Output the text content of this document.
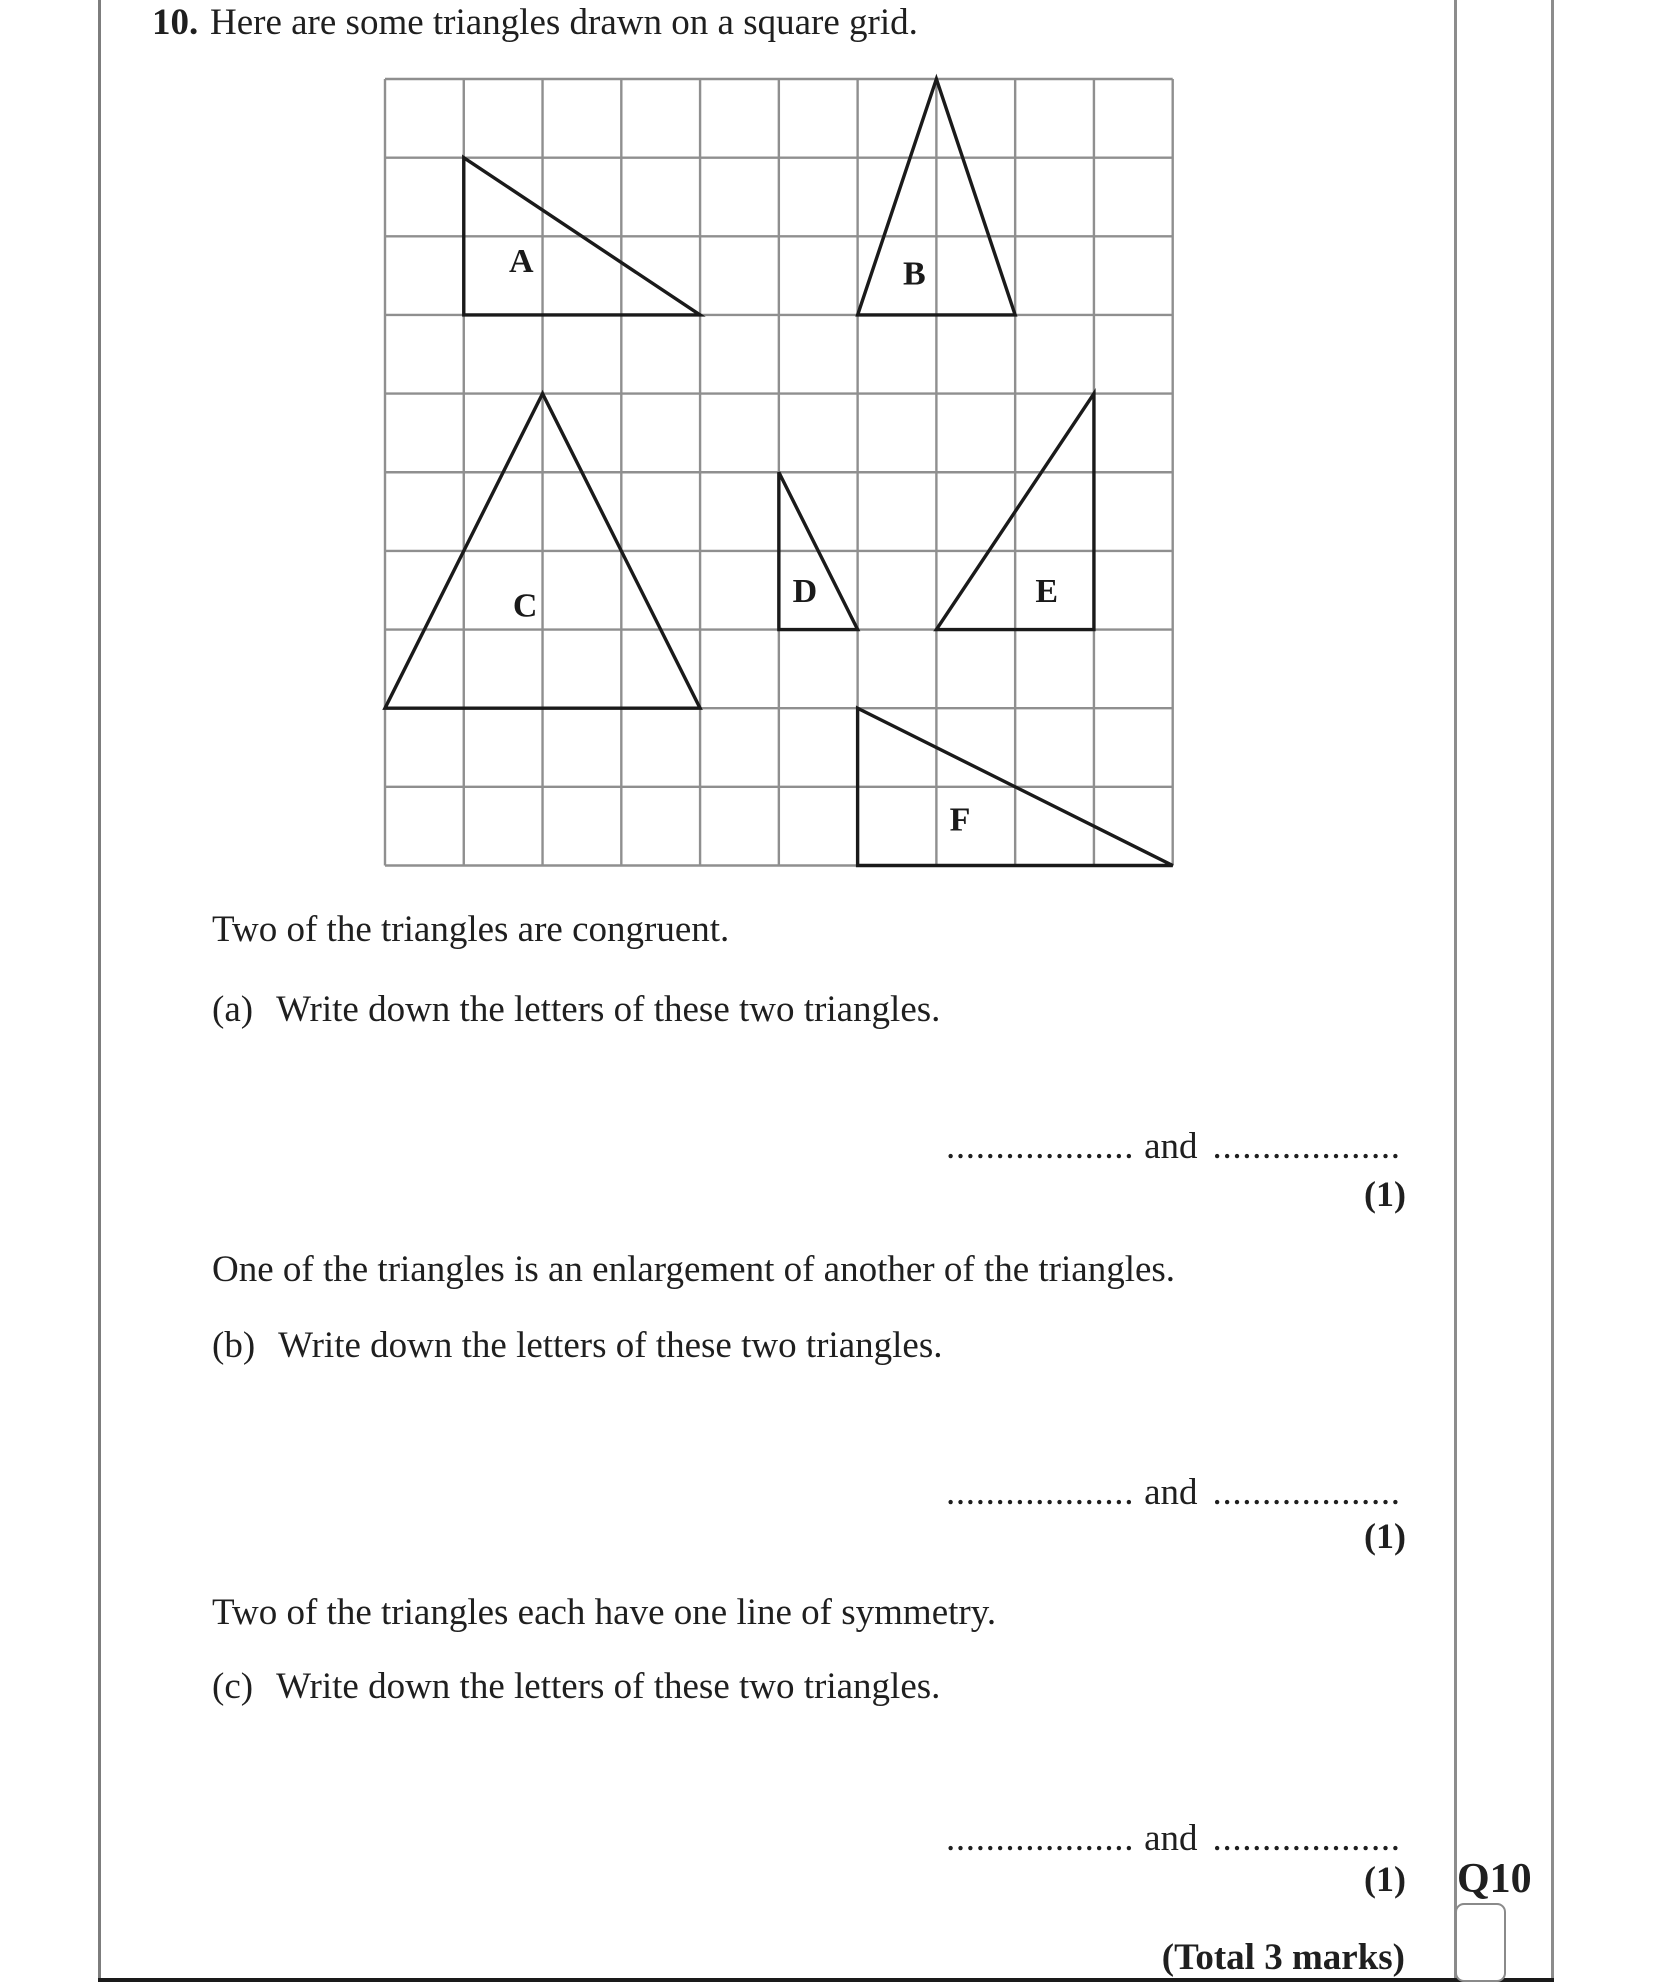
10. Here are some triangles drawn on a square grid.
A	B
C	D	E
F
Two of the triangles are congruent.
(a) Write down the letters of these two triangles.
................... and ...................
(1)
One of the triangles is an enlargement of another of the triangles.
(b) Write down the letters of these two triangles.
................... and ...................
(1)
Two of the triangles each have one line of symmetry.
(c) Write down the letters of these two triangles.
................... and ...................
(1) Q10
(Total 3 marks)
